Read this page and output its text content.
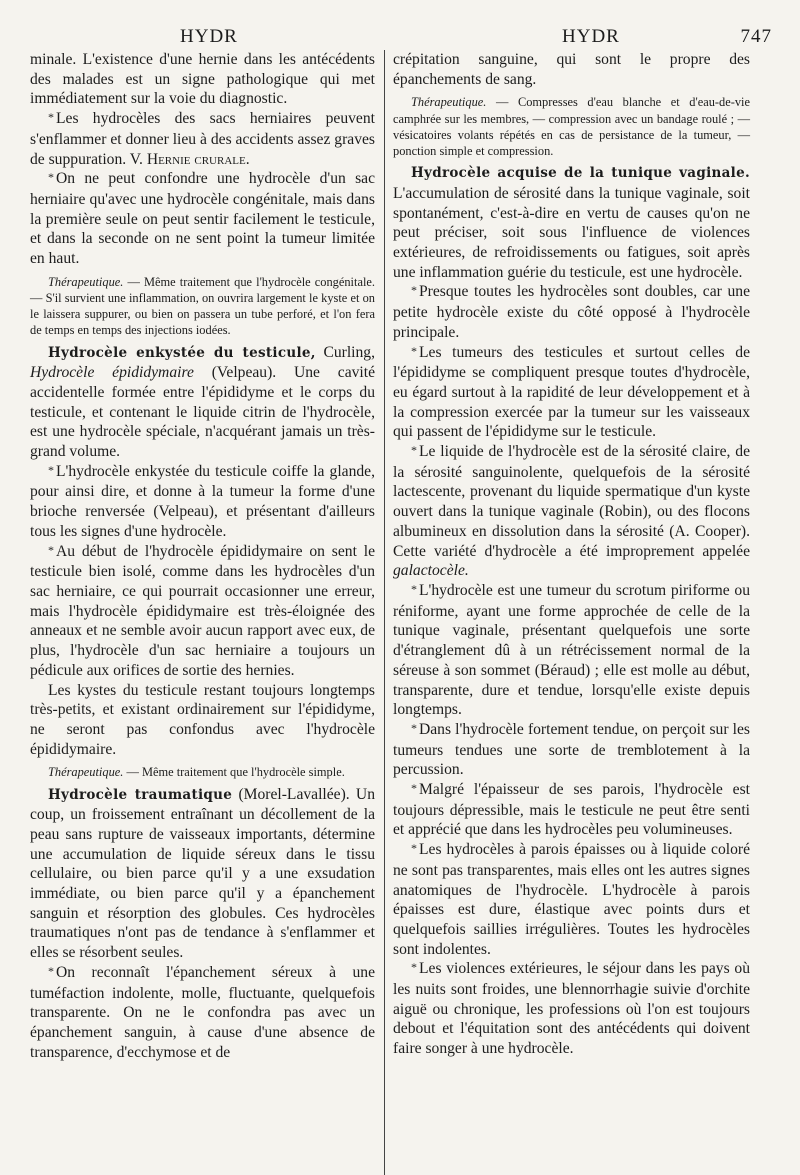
HYDR	HYDR	747

minale. L'existence d'une hernie dans les antécédents des malades est un signe pathologique qui met immédiatement sur la voie du diagnostic.

* Les hydrocèles des sacs herniaires peuvent s'enflammer et donner lieu à des accidents assez graves de suppuration. V. Hernie crurale.

* On ne peut confondre une hydrocèle d'un sac herniaire qu'avec une hydrocèle congénitale, mais dans la première seule on peut sentir facilement le testicule, et dans la seconde on ne sent point la tumeur limitée en haut.

Thérapeutique. — Même traitement que l'hydrocèle congénitale. — S'il survient une inflammation, on ouvrira largement le kyste et on le laissera suppurer, ou bien on passera un tube perforé, et l'on fera de temps en temps des injections iodées.

Hydrocèle enkystée du testicule, Curling, Hydrocèle épididymaire (Velpeau). Une cavité accidentelle formée entre l'épididyme et le corps du testicule, et contenant le liquide citrin de l'hydrocèle, est une hydrocèle spéciale, n'acquérant jamais un très-grand volume.

* L'hydrocèle enkystée du testicule coiffe la glande, pour ainsi dire, et donne à la tumeur la forme d'une brioche renversée (Velpeau), et présentant d'ailleurs tous les signes d'une hydrocèle.

* Au début de l'hydrocèle épididymaire on sent le testicule bien isolé, comme dans les hydrocèles d'un sac herniaire, ce qui pourrait occasionner une erreur, mais l'hydrocèle épididymaire est très-éloignée des anneaux et ne semble avoir aucun rapport avec eux, de plus, l'hydrocèle d'un sac herniaire a toujours un pédicule aux orifices de sortie des hernies.

Les kystes du testicule restant toujours longtemps très-petits, et existant ordinairement sur l'épididyme, ne seront pas confondus avec l'hydrocèle épididymaire.

Thérapeutique. — Même traitement que l'hydrocèle simple.

Hydrocèle traumatique (Morel-Lavallée). Un coup, un froissement entraînant un décollement de la peau sans rupture de vaisseaux importants, détermine une accumulation de liquide séreux dans le tissu cellulaire, ou bien parce qu'il y a une exsudation immédiate, ou bien parce qu'il y a épanchement sanguin et résorption des globules. Ces hydrocèles traumatiques n'ont pas de tendance à s'enflammer et elles se résorbent seules.

* On reconnaît l'épanchement séreux à une tuméfaction indolente, molle, fluctuante, quelquefois transparente. On ne le confondra pas avec un épanchement sanguin, à cause d'une absence de transparence, d'ecchymose et de

crépitation sanguine, qui sont le propre des épanchements de sang.

Thérapeutique. — Compresses d'eau blanche et d'eau-de-vie camphrée sur les membres, — compression avec un bandage roulé ; — vésicatoires volants répétés en cas de persistance de la tumeur, — ponction simple et compression.

Hydrocèle acquise de la tunique vaginale. L'accumulation de sérosité dans la tunique vaginale, soit spontanément, c'est-à-dire en vertu de causes qu'on ne peut préciser, soit sous l'influence de violences extérieures, de refroidissements ou fatigues, soit après une inflammation guérie du testicule, est une hydrocèle.

* Presque toutes les hydrocèles sont doubles, car une petite hydrocèle existe du côté opposé à l'hydrocèle principale.

* Les tumeurs des testicules et surtout celles de l'épididyme se compliquent presque toutes d'hydrocèle, eu égard surtout à la rapidité de leur développement et à la compression exercée par la tumeur sur les vaisseaux qui passent de l'épididyme sur le testicule.

* Le liquide de l'hydrocèle est de la sérosité claire, de la sérosité sanguinolente, quelquefois de la sérosité lactescente, provenant du liquide spermatique d'un kyste ouvert dans la tunique vaginale (Robin), ou des flocons albumineux en dissolution dans la sérosité (A. Cooper). Cette variété d'hydrocèle a été improprement appelée galactocèle.

* L'hydrocèle est une tumeur du scrotum piriforme ou réniforme, ayant une forme approchée de celle de la tunique vaginale, présentant quelquefois une sorte d'étranglement dû à un rétrécissement normal de la séreuse à son sommet (Béraud) ; elle est molle au début, transparente, dure et tendue, lorsqu'elle existe depuis longtemps.

* Dans l'hydrocèle fortement tendue, on perçoit sur les tumeurs tendues une sorte de tremblotement à la percussion.

* Malgré l'épaisseur de ses parois, l'hydrocèle est toujours dépressible, mais le testicule ne peut être senti et apprécié que dans les hydrocèles peu volumineuses.

* Les hydrocèles à parois épaisses ou à liquide coloré ne sont pas transparentes, mais elles ont les autres signes anatomiques de l'hydrocèle. L'hydrocèle à parois épaisses est dure, élastique avec points durs et quelquefois saillies irrégulières. Toutes les hydrocèles sont indolentes.

* Les violences extérieures, le séjour dans les pays où les nuits sont froides, une blennorrhagie suivie d'orchite aiguë ou chronique, les professions où l'on est toujours debout et l'équitation sont des antécédents qui doivent faire songer à une hydrocèle.
